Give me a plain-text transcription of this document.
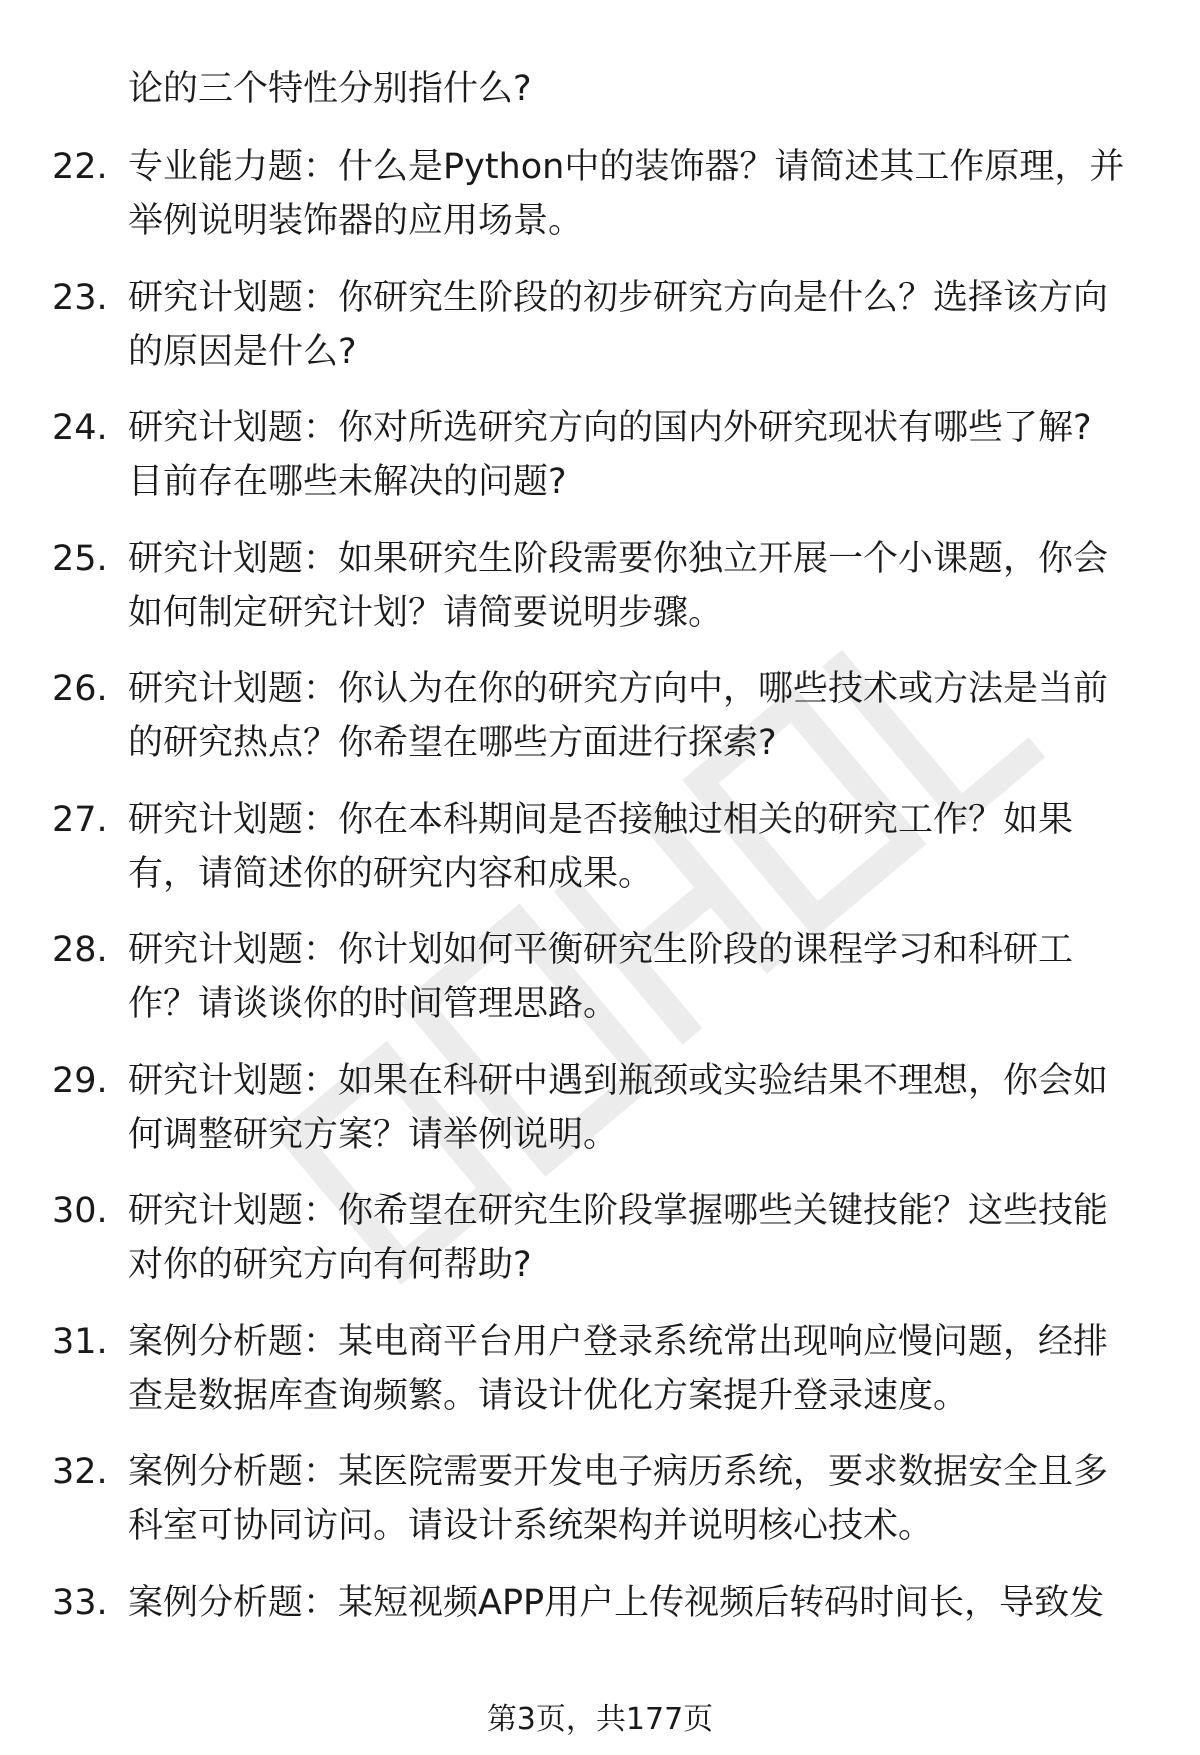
论的三个特性分别指什么?
22. 专业能力题：什么是Python中的装饰器？请简述其工作原理，并
举例说明装饰器的应用场景。
23. 研究计划题：你研究生阶段的初步研究方向是什么？选择该方向
的原因是什么?
24. 研究计划题：你对所选研究方向的国内外研究现状有哪些了解?
目前存在哪些未解决的问题?
25. 研究计划题：如果研究生阶段需要你独立开展一个小课题，你会
如何制定研究计划？请简要说明步骤。
26. 研究计划题：你认为在你的研究方向中，哪些技术或方法是当前
的研究热点？你希望在哪些方面进行探索?
27. 研究计划题：你在本科期间是否接触过相关的研究工作？如果
有，请简述你的研究内容和成果。
28. 研究计划题：你计划如何平衡研究生阶段的课程学习和科研工
作？请谈谈你的时间管理思路。
29. 研究计划题：如果在科研中遇到瓶颈或实验结果不理想，你会如
何调整研究方案？请举例说明。
30. 研究计划题：你希望在研究生阶段掌握哪些关键技能？这些技能
对你的研究方向有何帮助?
31. 案例分析题：某电商平台用户登录系统常出现响应慢问题，经排
查是数据库查询频繁。请设计优化方案提升登录速度。
32. 案例分析题：某医院需要开发电子病历系统，要求数据安全且多
科室可协同访问。请设计系统架构并说明核心技术。
33. 案例分析题：某短视频APP用户上传视频后转码时间长，导致发
第3页，共177页
